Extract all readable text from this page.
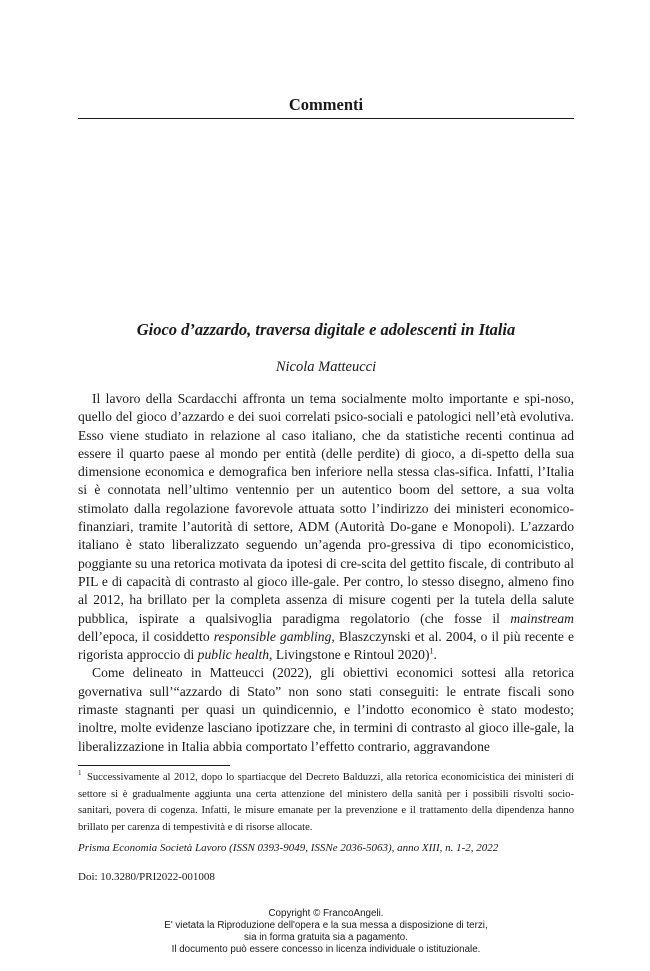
Commenti
Gioco d’azzardo, traversa digitale e adolescenti in Italia
Nicola Matteucci

Il lavoro della Scardacchi affronta un tema socialmente molto importante e spi-noso, quello del gioco d’azzardo e dei suoi correlati psico-sociali e patologici nell’età evolutiva. Esso viene studiato in relazione al caso italiano, che da statistiche recenti continua ad essere il quarto paese al mondo per entità (delle perdite) di gioco, a di-spetto della sua dimensione economica e demografica ben inferiore nella stessa clas-sifica. Infatti, l’Italia si è connotata nell’ultimo ventennio per un autentico boom del settore, a sua volta stimolato dalla regolazione favorevole attuata sotto l’indirizzo dei ministeri economico-finanziari, tramite l’autorità di settore, ADM (Autorità Do-gane e Monopoli). L’azzardo italiano è stato liberalizzato seguendo un’agenda pro-gressiva di tipo economicistico, poggiante su una retorica motivata da ipotesi di cre-scita del gettito fiscale, di contributo al PIL e di capacità di contrasto al gioco ille-gale. Per contro, lo stesso disegno, almeno fino al 2012, ha brillato per la completa assenza di misure cogenti per la tutela della salute pubblica, ispirate a qualsivoglia paradigma regolatorio (che fosse il mainstream dell’epoca, il cosiddetto responsible gambling, Blaszczynski et al. 2004, o il più recente e rigorista approccio di public health, Livingstone e Rintoul 2020)$^1$.

Come delineato in Matteucci (2022), gli obiettivi economici sottesi alla retorica governativa sull’“azzardo di Stato” non sono stati conseguiti: le entrate fiscali sono rimaste stagnanti per quasi un quindicennio, e l’indotto economico è stato modesto; inoltre, molte evidenze lasciano ipotizzare che, in termini di contrasto al gioco ille-gale, la liberalizzazione in Italia abbia comportato l’effetto contrario, aggravandone

$^1$ Successivamente al 2012, dopo lo spartiacque del Decreto Balduzzi, alla retorica economicistica dei ministeri di settore si è gradualmente aggiunta una certa attenzione del ministero della sanità per i possibili risvolti socio-sanitari, povera di cogenza. Infatti, le misure emanate per la prevenzione e il trattamento della dipendenza hanno brillato per carenza di tempestività e di risorse allocate.
Prisma Economia Società Lavoro (ISSN 0393-9049, ISSNe 2036-5063), anno XIII, n. 1-2, 2022
Doi: 10.3280/PRI2022-001008
Copyright © FrancoAngeli.
E' vietata la Riproduzione dell'opera e la sua messa a disposizione di terzi,
sia in forma gratuita sia a pagamento.
Il documento può essere concesso in licenza individuale o istituzionale.
